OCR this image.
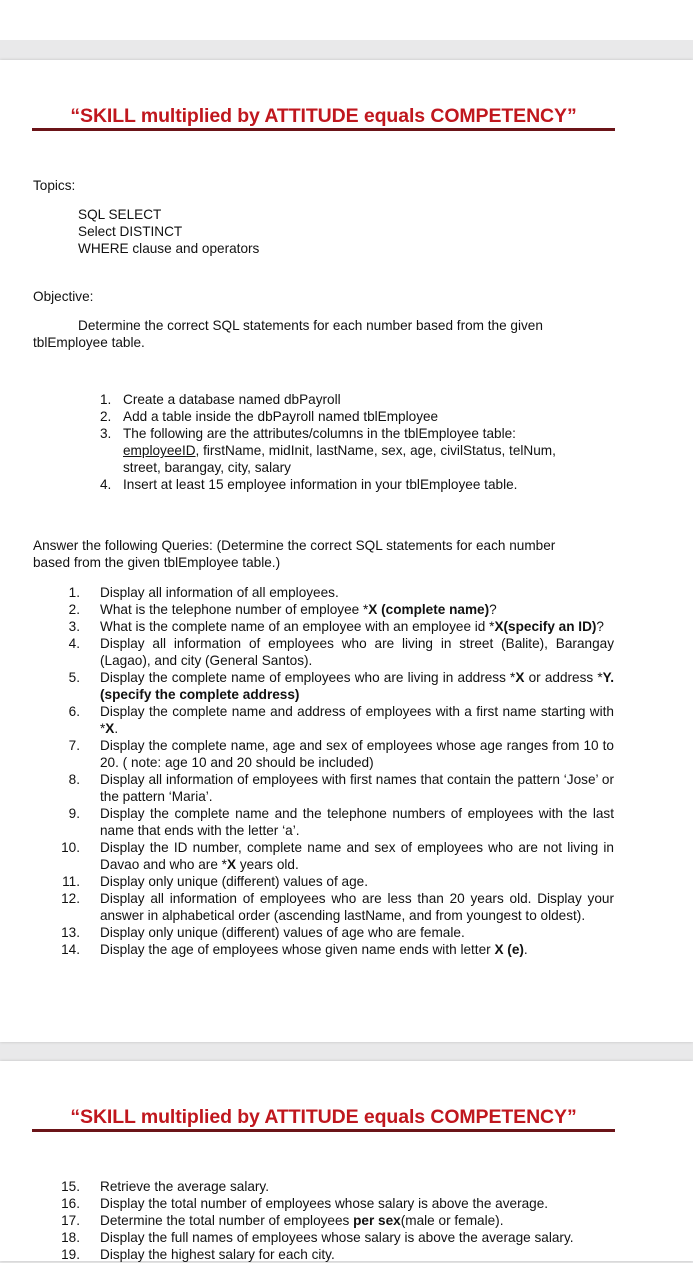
“SKILL multiplied by ATTITUDE equals COMPETENCY”
Topics:
SQL SELECT
Select DISTINCT
WHERE clause and operators
Objective:
Determine the correct SQL statements for each number based from the given
tblEmployee table.
1. Create a database named dbPayroll
2. Add a table inside the dbPayroll named tblEmployee
3. The following are the attributes/columns in the tblEmployee table:
employeeID, firstName, midInit, lastName, sex, age, civilStatus, telNum,
street, barangay, city, salary
4. Insert at least 15 employee information in your tblEmployee table.
Answer the following Queries: (Determine the correct SQL statements for each number
based from the given tblEmployee table.)
1. Display all information of all employees.
2. What is the telephone number of employee *X (complete name)?
3. What is the complete name of an employee with an employee id *X(specify an ID)?
4. Display all information of employees who are living in street (Balite), Barangay (Lagao), and city (General Santos).
5. Display the complete name of employees who are living in address *X or address *Y. (specify the complete address)
6. Display the complete name and address of employees with a first name starting with *X.
7. Display the complete name, age and sex of employees whose age ranges from 10 to 20. ( note: age 10 and 20 should be included)
8. Display all information of employees with first names that contain the pattern ‘Jose’ or the pattern ‘Maria’.
9. Display the complete name and the telephone numbers of employees with the last name that ends with the letter ‘a’.
10. Display the ID number, complete name and sex of employees who are not living in Davao and who are *X years old.
11. Display only unique (different) values of age.
12. Display all information of employees who are less than 20 years old. Display your answer in alphabetical order (ascending lastName, and from youngest to oldest).
13. Display only unique (different) values of age who are female.
14. Display the age of employees whose given name ends with letter X (e).
“SKILL multiplied by ATTITUDE equals COMPETENCY”
15. Retrieve the average salary.
16. Display the total number of employees whose salary is above the average.
17. Determine the total number of employees per sex(male or female).
18. Display the full names of employees whose salary is above the average salary.
19. Display the highest salary for each city.
